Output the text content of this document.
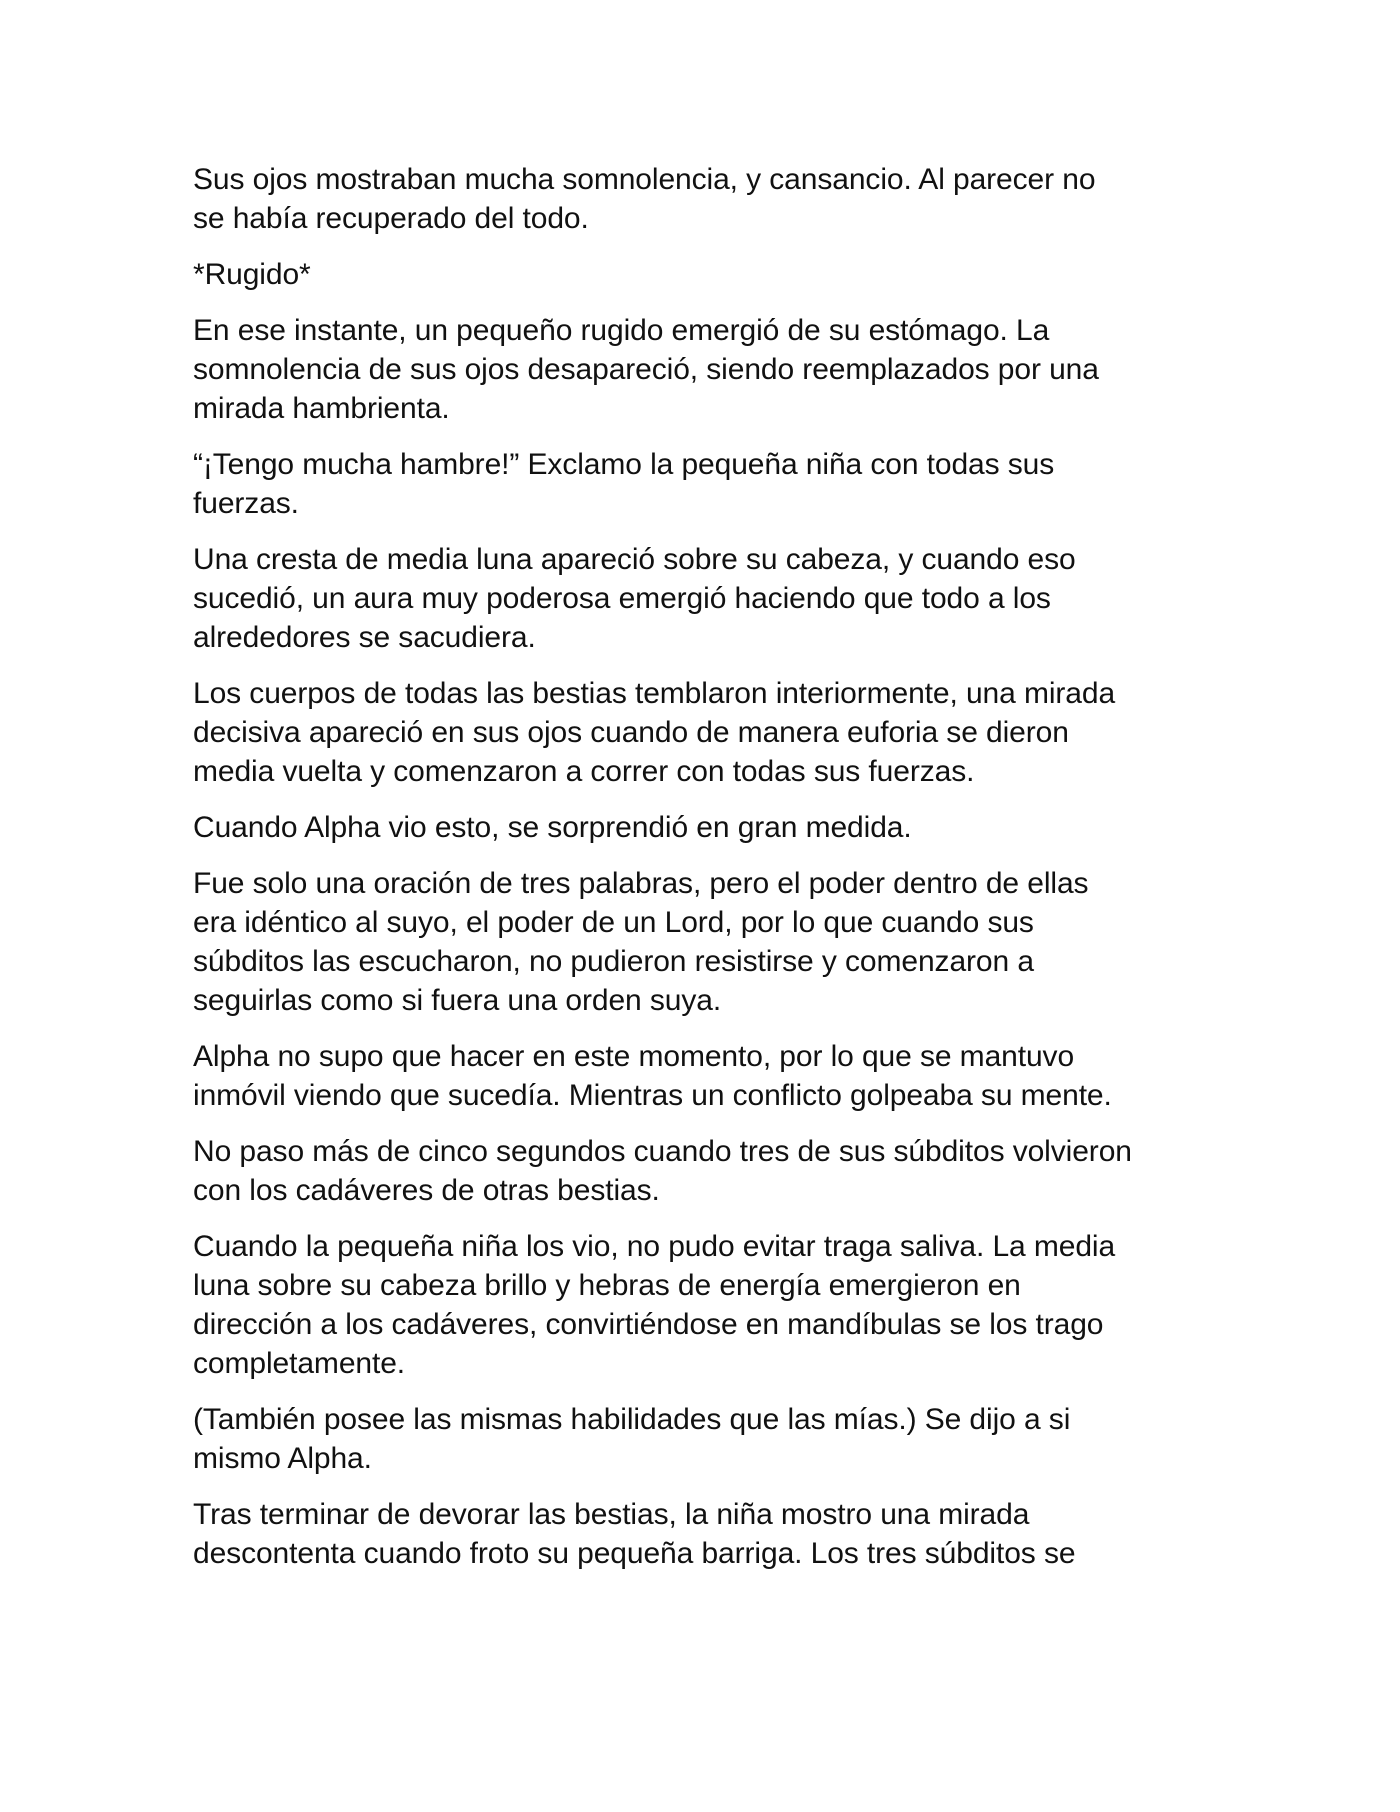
Sus ojos mostraban mucha somnolencia, y cansancio. Al parecer no
se había recuperado del todo.

*Rugido*

En ese instante, un pequeño rugido emergió de su estómago. La
somnolencia de sus ojos desapareció, siendo reemplazados por una
mirada hambrienta.

“¡Tengo mucha hambre!” Exclamo la pequeña niña con todas sus
fuerzas.

Una cresta de media luna apareció sobre su cabeza, y cuando eso
sucedió, un aura muy poderosa emergió haciendo que todo a los
alrededores se sacudiera.

Los cuerpos de todas las bestias temblaron interiormente, una mirada
decisiva apareció en sus ojos cuando de manera euforia se dieron
media vuelta y comenzaron a correr con todas sus fuerzas.

Cuando Alpha vio esto, se sorprendió en gran medida.

Fue solo una oración de tres palabras, pero el poder dentro de ellas
era idéntico al suyo, el poder de un Lord, por lo que cuando sus
súbditos las escucharon, no pudieron resistirse y comenzaron a
seguirlas como si fuera una orden suya.

Alpha no supo que hacer en este momento, por lo que se mantuvo
inmóvil viendo que sucedía. Mientras un conflicto golpeaba su mente.

No paso más de cinco segundos cuando tres de sus súbditos volvieron
con los cadáveres de otras bestias.

Cuando la pequeña niña los vio, no pudo evitar traga saliva. La media
luna sobre su cabeza brillo y hebras de energía emergieron en
dirección a los cadáveres, convirtiéndose en mandíbulas se los trago
completamente.

(También posee las mismas habilidades que las mías.) Se dijo a si
mismo Alpha.

Tras terminar de devorar las bestias, la niña mostro una mirada
descontenta cuando froto su pequeña barriga. Los tres súbditos se
